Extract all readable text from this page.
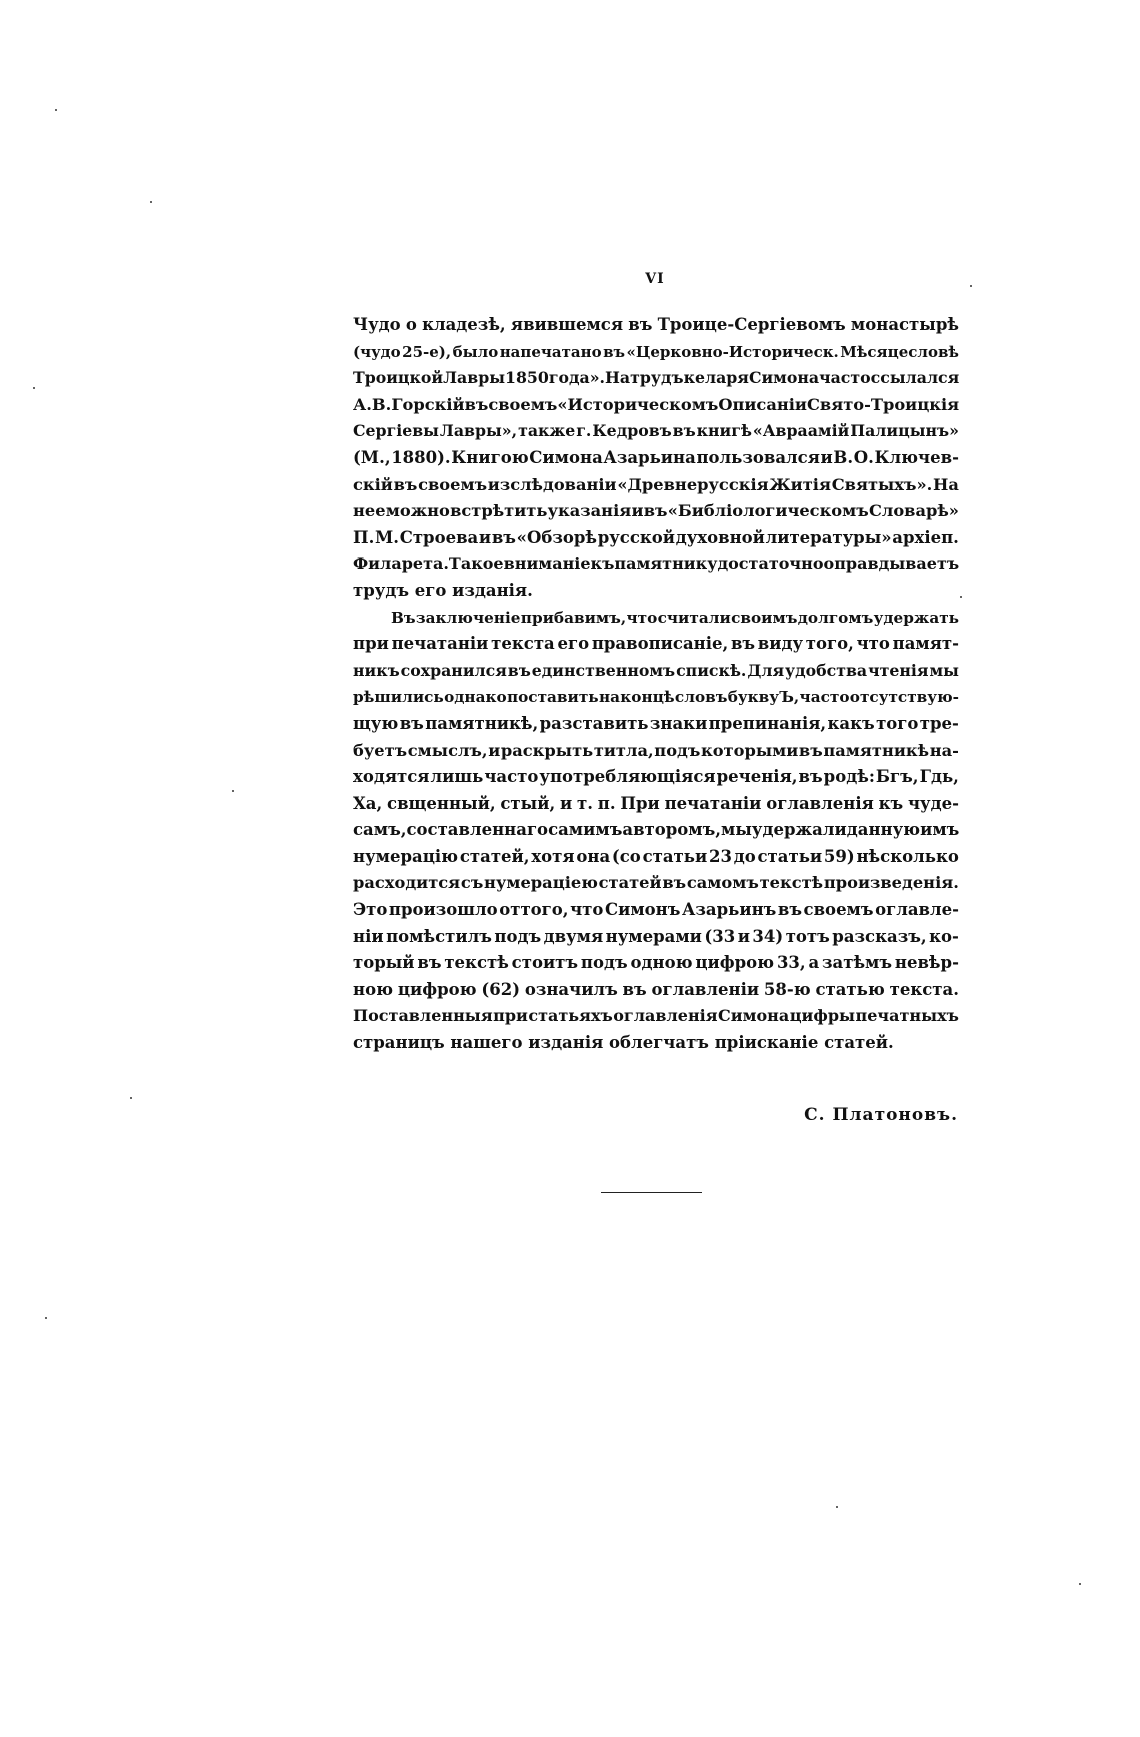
VI
Чудо о кладезѣ, явившемся въ Троице-Сергіевомъ монастырѣ
(чудо 25-е), было напечатано въ «Церковно-Историческ. Мѣсяцесловѣ
Троицкой Лавры 1850 года». На трудъ келаря Симона часто ссылался
А. В. Горскій въ своемъ «Историческомъ Описаніи Свято-Троицкія
Сергіевы Лавры», также г. Кедровъ въ книгѣ «Авраамій Палицынъ»
(М., 1880). Книгою Симона Азарьина пользовался и В. О. Ключев-
скій въ своемъ изслѣдованіи «Древнерусскія Житія Святыхъ». На
нее можно встрѣтить указанія и въ «Библіологическомъ Словарѣ»
П. М. Строева и въ «Обзорѣ русской духовной литературы» архіеп.
Филарета. Такое вниманіе къ памятнику достаточно оправдываетъ
трудъ
его
изданія.
Въ заключеніе прибавимъ, что считали своимъ долгомъ удержать
при печатаніи текста его правописаніе, въ виду того, что памят-
никъ сохранился въ единственномъ спискѣ. Для удобства чтенія мы
рѣшились однако поставить на концѣ словъ букву Ъ, часто отсутствую-
щую въ памятникѣ, разставить знаки препинанія, какъ того тре-
буетъ смыслъ, и раскрыть титла, подъ которыми въ памятникѣ на-
ходятся лишь часто употребляющіяся реченія, въ родѣ: Бгъ, Гдь,
Ха, свщенный, стый, и т. п. При печатаніи оглавленія къ чуде-
самъ, составленнаго самимъ авторомъ, мы удержали данную имъ
нумерацію статей, хотя она (со статьи 23 до статьи 59) нѣсколько
расходится съ нумераціею статей въ самомъ текстѣ произведенія.
Это произошло оттого, что Симонъ Азарьинъ въ своемъ оглавле-
ніи помѣстилъ подъ двумя нумерами (33 и 34) тотъ разсказъ, ко-
торый въ текстѣ стоитъ подъ одною цифрою 33, а затѣмъ невѣр-
ною цифрою (62) означилъ въ оглавленіи 58-ю статью текста.
Поставленныя при статьяхъ оглавленія Симона цифры печатныхъ
страницъ
нашего
изданія
облегчатъ
пріисканіе
статей.
С. Платоновъ.
